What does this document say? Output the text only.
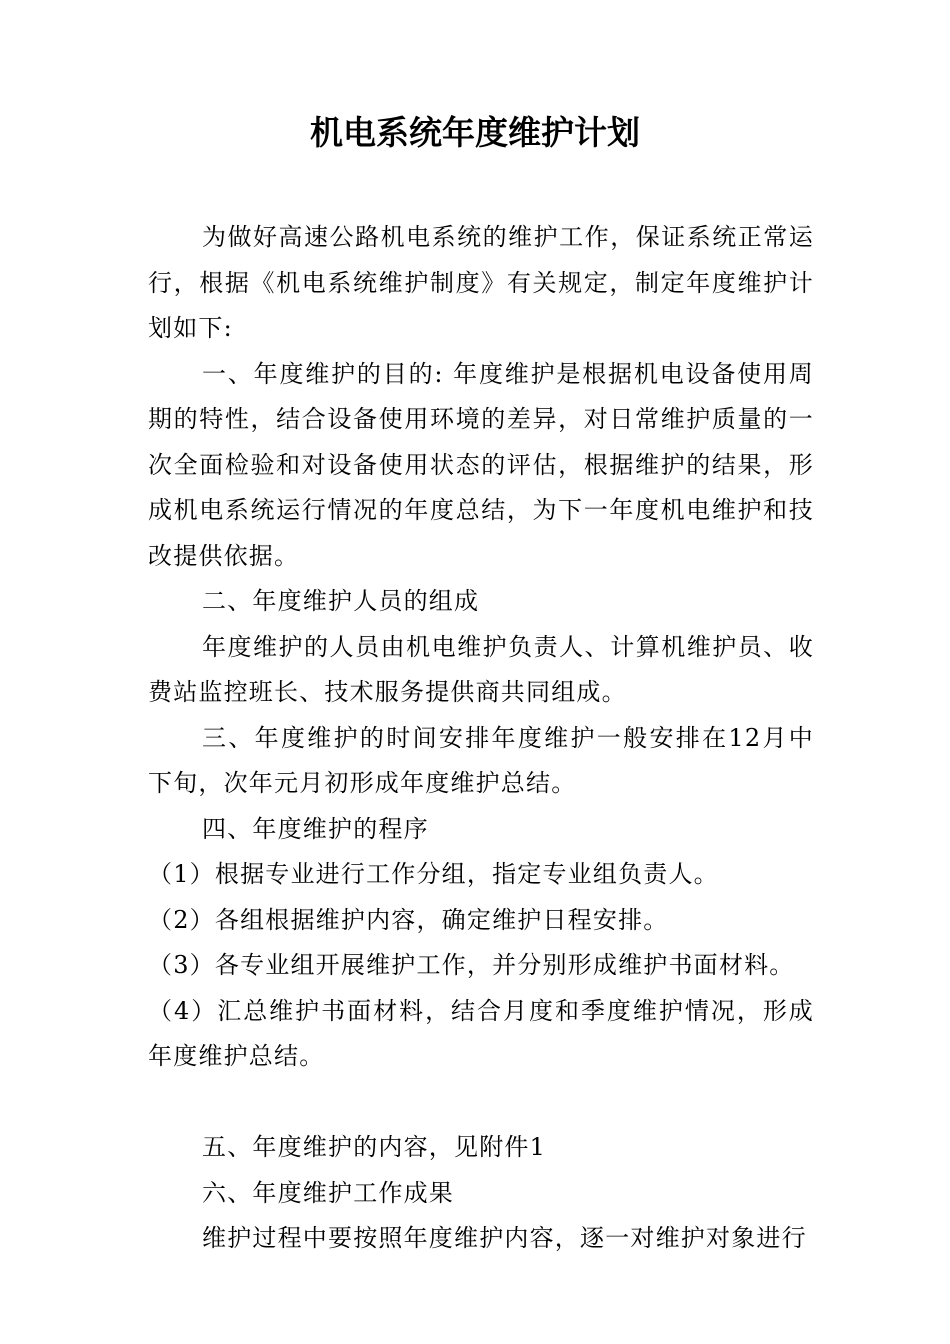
机电系统年度维护计划

为做好高速公路机电系统的维护工作，保证系统正常运行，根据《机电系统维护制度》有关规定，制定年度维护计划如下:

一、年度维护的目的: 年度维护是根据机电设备使用周期的特性，结合设备使用环境的差异，对日常维护质量的一次全面检验和对设备使用状态的评估，根据维护的结果，形成机电系统运行情况的年度总结，为下一年度机电维护和技改提供依据。

二、年度维护人员的组成

年度维护的人员由机电维护负责人、计算机维护员、收费站监控班长、技术服务提供商共同组成。

三、年度维护的时间安排年度维护一般安排在12月中下旬，次年元月初形成年度维护总结。

四、年度维护的程序

（1）根据专业进行工作分组，指定专业组负责人。

（2）各组根据维护内容，确定维护日程安排。

（3）各专业组开展维护工作，并分别形成维护书面材料。

（4）汇总维护书面材料，结合月度和季度维护情况，形成年度维护总结。

五、年度维护的内容，见附件1

六、年度维护工作成果

维护过程中要按照年度维护内容，逐一对维护对象进行
